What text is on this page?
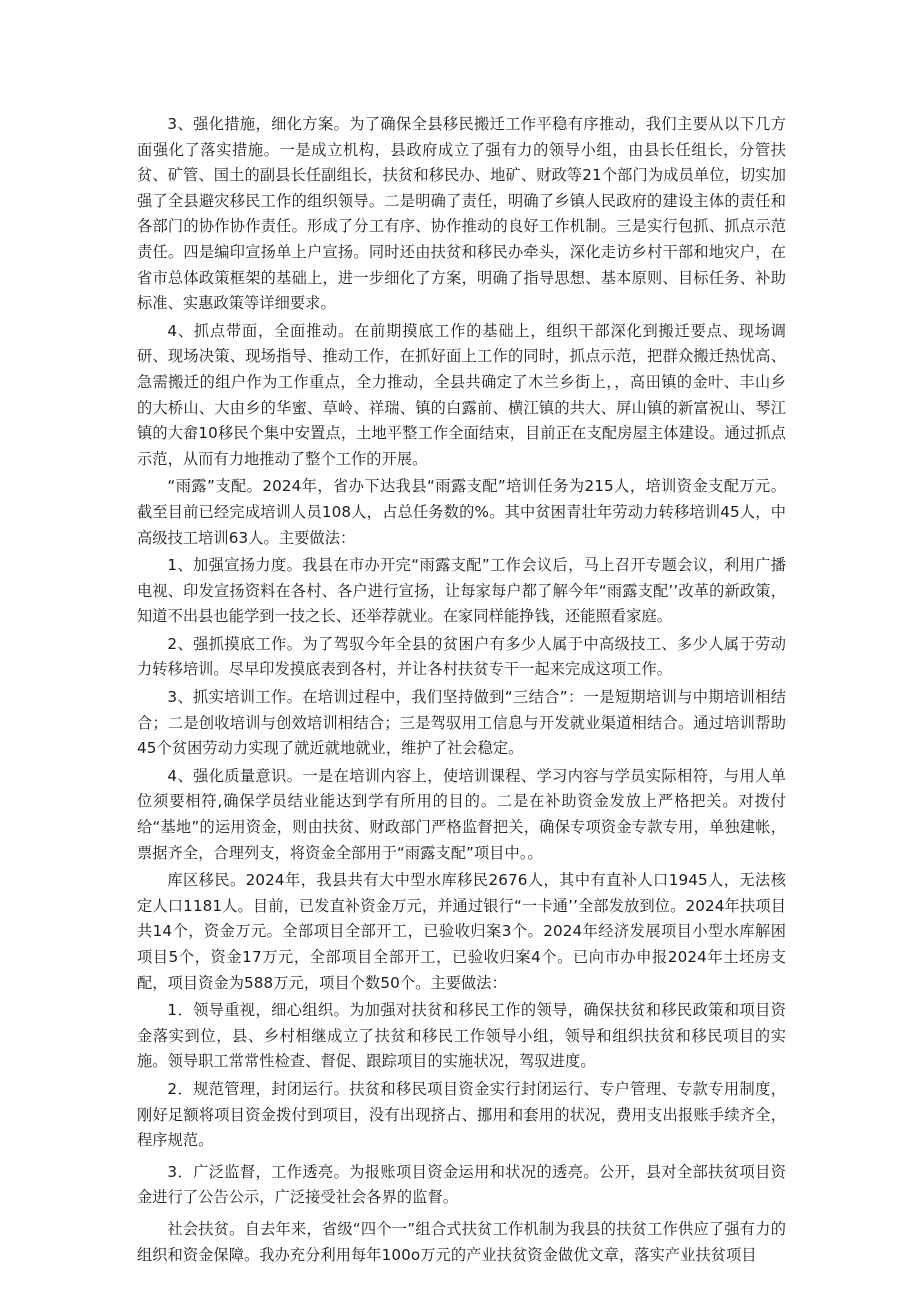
3、强化措施，细化方案。为了确保全县移民搬迁工作平稳有序推动，我们主要从以下几方面强化了落实措施。一是成立机构，县政府成立了强有力的领导小组，由县长任组长，分管扶贫、矿管、国土的副县长任副组长，扶贫和移民办、地矿、财政等21个部门为成员单位，切实加强了全县避灾移民工作的组织领导。二是明确了责任，明确了乡镇人民政府的建设主体的责任和各部门的协作协作责任。形成了分工有序、协作推动的良好工作机制。三是实行包抓、抓点示范责任。四是编印宣扬单上户宣扬。同时还由扶贫和移民办牵头，深化走访乡村干部和地灾户，在省市总体政策框架的基础上，进一步细化了方案，明确了指导思想、基本原则、目标任务、补助标准、实惠政策等详细要求。

4、抓点带面，全面推动。在前期摸底工作的基础上，组织干部深化到搬迁要点、现场调研、现场决策、现场指导、推动工作，在抓好面上工作的同时，抓点示范，把群众搬迁热忧高、急需搬迁的组户作为工作重点，全力推动，全县共确定了木兰乡街上，，高田镇的金叶、丰山乡的大桥山、大由乡的华蜜、草岭、祥瑞、镇的白露前、横江镇的共大、屏山镇的新富祝山、琴江镇的大畲10移民个集中安置点，土地平整工作全面结束，目前正在支配房屋主体建设。通过抓点示范，从而有力地推动了整个工作的开展。

“雨露”支配。2024年，省办下达我县“雨露支配”培训任务为215人，培训资金支配万元。截至目前已经完成培训人员108人，占总任务数的%。其中贫困青壮年劳动力转移培训45人，中高级技工培训63人。主要做法：

1、加强宣扬力度。我县在市办开完“雨露支配”工作会议后，马上召开专题会议，利用广播电视、印发宣扬资料在各村、各户进行宣扬，让每家每户都了解今年“雨露支配’’改革的新政策，知道不出县也能学到一技之长、还举荐就业。在家同样能挣钱，还能照看家庭。

2、强抓摸底工作。为了驾驭今年全县的贫困户有多少人属于中高级技工、多少人属于劳动力转移培训。尽早印发摸底表到各村，并让各村扶贫专干一起来完成这项工作。

3、抓实培训工作。在培训过程中，我们坚持做到“三结合”：一是短期培训与中期培训相结合；二是创收培训与创效培训相结合；三是驾驭用工信息与开发就业渠道相结合。通过培训帮助45个贫困劳动力实现了就近就地就业，维护了社会稳定。

4、强化质量意识。一是在培训内容上，使培训课程、学习内容与学员实际相符，与用人单位须要相符,确保学员结业能达到学有所用的目的。二是在补助资金发放上严格把关。对拨付给“基地”的运用资金，则由扶贫、财政部门严格监督把关，确保专项资金专款专用，单独建帐，票据齐全，合理列支，将资金全部用于“雨露支配”项目中。。

库区移民。2024年，我县共有大中型水库移民2676人，其中有直补人口1945人，无法核定人口1181人。目前，已发直补资金万元，并通过银行“一卡通’’全部发放到位。2024年扶项目共14个，资金万元。全部项目全部开工，已验收归案3个。2024年经济发展项目小型水库解困项目5个，资金17万元，全部项目全部开工，已验收归案4个。已向市办申报2024年土坯房支配，项目资金为588万元，项目个数50个。主要做法：

1．领导重视，细心组织。为加强对扶贫和移民工作的领导，确保扶贫和移民政策和项目资金落实到位，县、乡村相继成立了扶贫和移民工作领导小组，领导和组织扶贫和移民项目的实施。领导职工常常性检查、督促、跟踪项目的实施状况，驾驭进度。

2．规范管理，封闭运行。扶贫和移民项目资金实行封闭运行、专户管理、专款专用制度，刚好足额将项目资金拨付到项目，没有出现挤占、挪用和套用的状况，费用支出报账手续齐全，程序规范。

3．广泛监督，工作透亮。为报账项目资金运用和状况的透亮。公开，县对全部扶贫项目资金进行了公告公示，广泛接受社会各界的监督。

社会扶贫。自去年来，省级“四个一”组合式扶贫工作机制为我县的扶贫工作供应了强有力的组织和资金保障。我办充分利用每年100o万元的产业扶贫资金做优文章，落实产业扶贫项目
